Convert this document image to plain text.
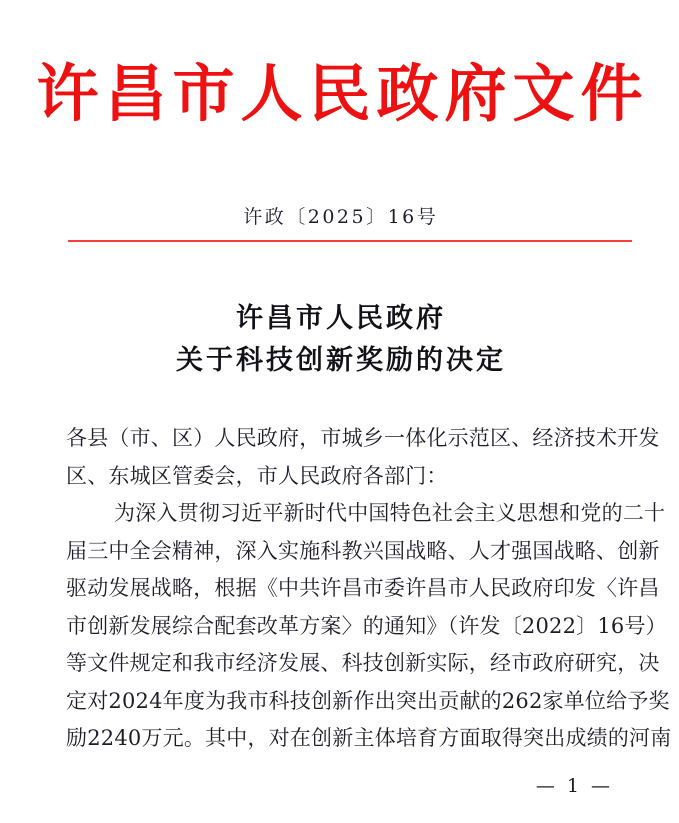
许昌市人民政府文件
许政〔2025〕16号
许昌市人民政府
关于科技创新奖励的决定
各县（市、区）人民政府，市城乡一体化示范区、经济技术开发
区、东城区管委会，市人民政府各部门：
为深入贯彻习近平新时代中国特色社会主义思想和党的二十
届三中全会精神，深入实施科教兴国战略、人才强国战略、创新
驱动发展战略，根据《中共许昌市委许昌市人民政府印发〈许昌
市创新发展综合配套改革方案〉的通知》（许发〔2022〕16号）
等文件规定和我市经济发展、科技创新实际，经市政府研究，决
定对2024年度为我市科技创新作出突出贡献的262家单位给予奖
励2240万元。其中，对在创新主体培育方面取得突出成绩的河南
— 1 —
